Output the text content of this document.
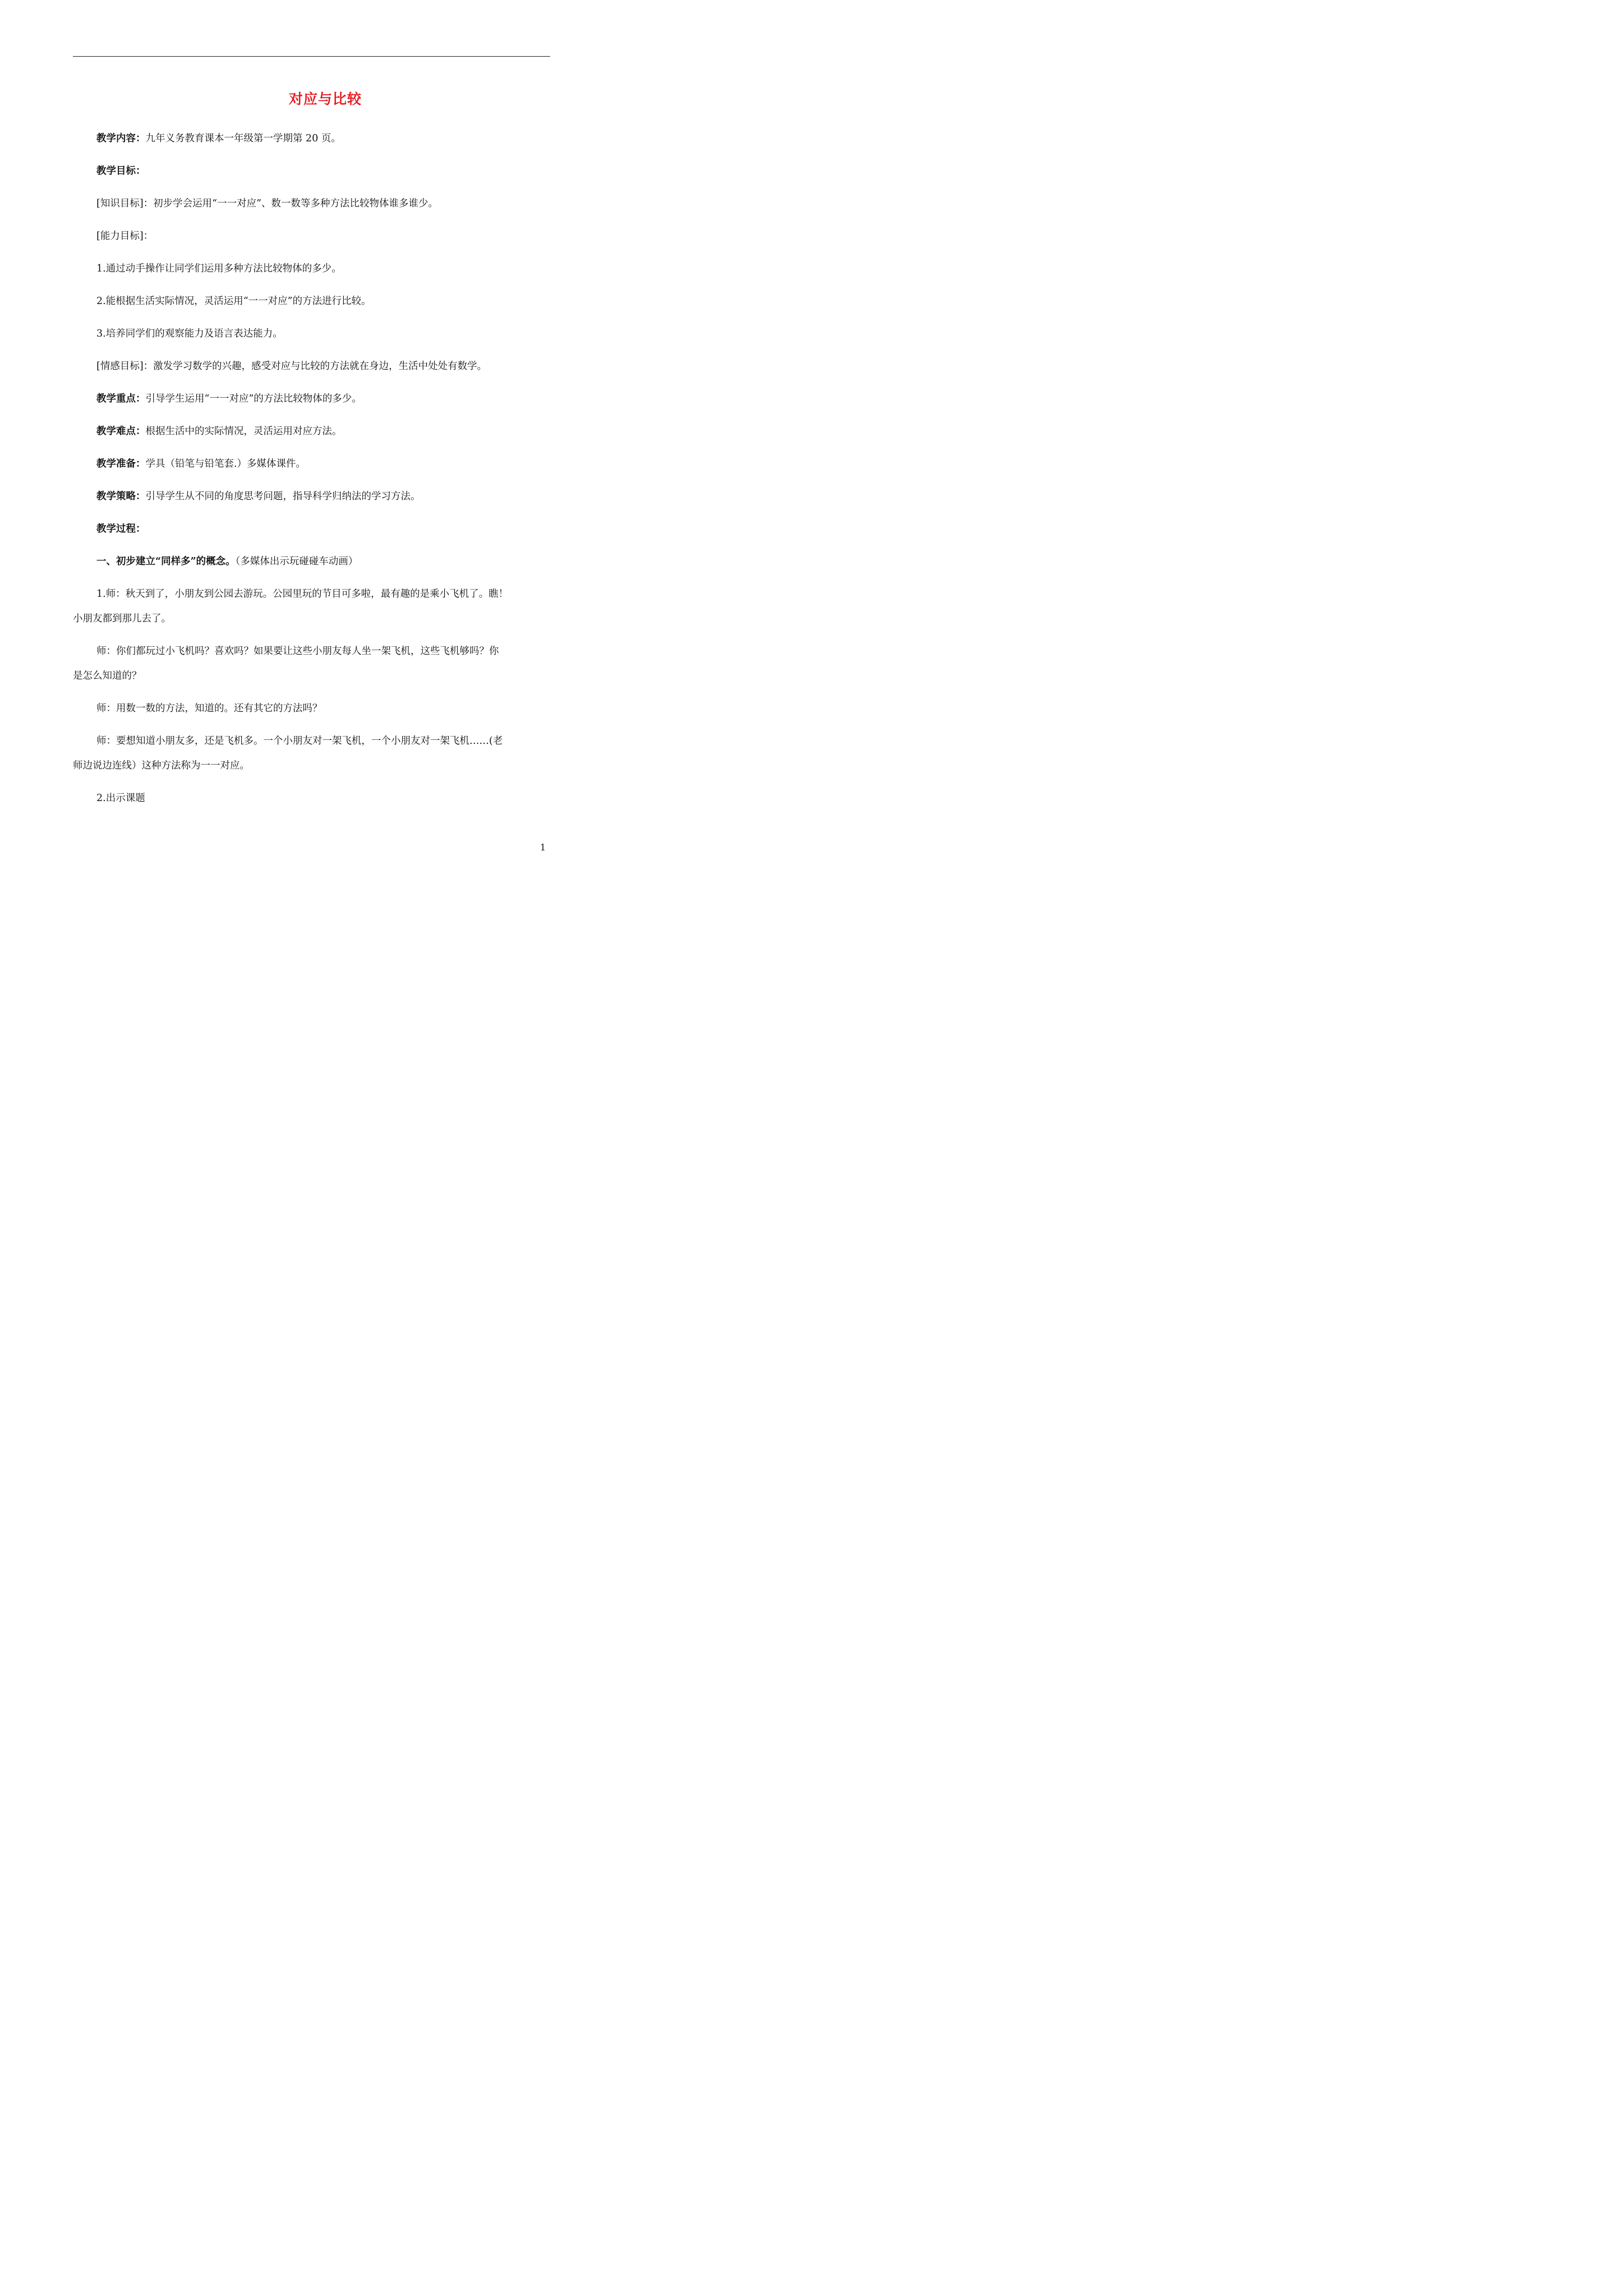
对应与比较
教学内容：九年义务教育课本一年级第一学期第 20 页。
教学目标：
[知识目标]：初步学会运用“一一对应”、数一数等多种方法比较物体谁多谁少。
[能力目标]：
1.通过动手操作让同学们运用多种方法比较物体的多少。
2.能根据生活实际情况，灵活运用“一一对应”的方法进行比较。
3.培养同学们的观察能力及语言表达能力。
[情感目标]：激发学习数学的兴趣，感受对应与比较的方法就在身边，生活中处处有数学。
教学重点：引导学生运用“一一对应”的方法比较物体的多少。
教学难点：根据生活中的实际情况，灵活运用对应方法。
教学准备：学具（铅笔与铅笔套.）多媒体课件。
教学策略：引导学生从不同的角度思考问题，指导科学归纳法的学习方法。
教学过程：
一、初步建立“同样多”的概念。（多媒体出示玩碰碰车动画）
1.师：秋天到了，小朋友到公园去游玩。公园里玩的节目可多啦，最有趣的是乘小飞机了。瞧！
小朋友都到那儿去了。
师：你们都玩过小飞机吗？喜欢吗？如果要让这些小朋友每人坐一架飞机，这些飞机够吗？你
是怎么知道的？
师：用数一数的方法，知道的。还有其它的方法吗？
师：要想知道小朋友多，还是飞机多。一个小朋友对一架飞机，一个小朋友对一架飞机……(老
师边说边连线）这种方法称为一一对应。
2.出示课题
1
